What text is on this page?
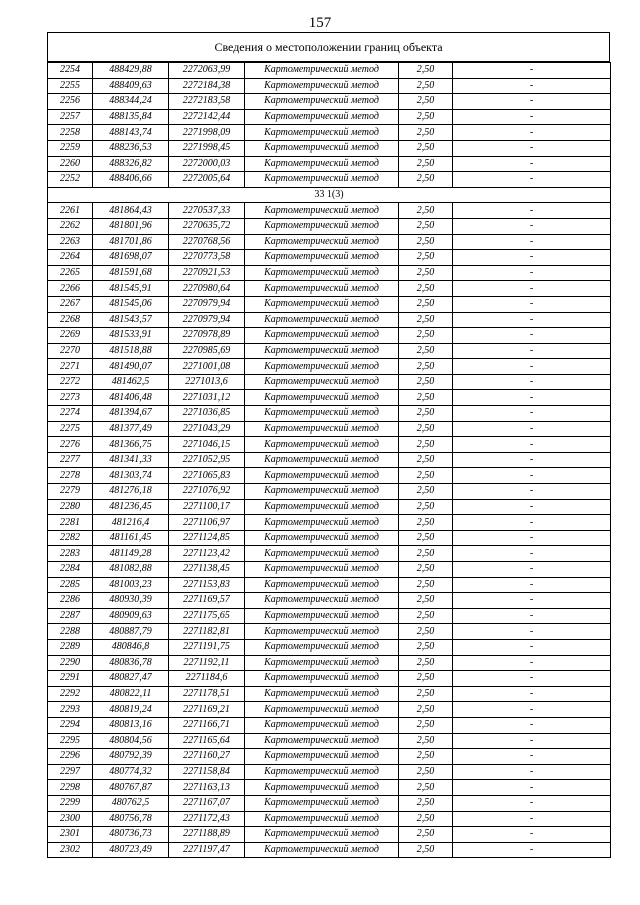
157
Сведения о местоположении границ объекта
2254	488429,88	2272063,99	Картометрический метод	2,50	-
2255	488409,63	2272184,38	Картометрический метод	2,50	-
2256	488344,24	2272183,58	Картометрический метод	2,50	-
2257	488135,84	2272142,44	Картометрический метод	2,50	-
2258	488143,74	2271998,09	Картометрический метод	2,50	-
2259	488236,53	2271998,45	Картометрический метод	2,50	-
2260	488326,82	2272000,03	Картометрический метод	2,50	-
2252	488406,66	2272005,64	Картометрический метод	2,50	-
33 1(3)					
2261	481864,43	2270537,33	Картометрический метод	2,50	-
2262	481801,96	2270635,72	Картометрический метод	2,50	-
2263	481701,86	2270768,56	Картометрический метод	2,50	-
2264	481698,07	2270773,58	Картометрический метод	2,50	-
2265	481591,68	2270921,53	Картометрический метод	2,50	-
2266	481545,91	2270980,64	Картометрический метод	2,50	-
2267	481545,06	2270979,94	Картометрический метод	2,50	-
2268	481543,57	2270979,94	Картометрический метод	2,50	-
2269	481533,91	2270978,89	Картометрический метод	2,50	-
2270	481518,88	2270985,69	Картометрический метод	2,50	-
2271	481490,07	2271001,08	Картометрический метод	2,50	-
2272	481462,5	2271013,6	Картометрический метод	2,50	-
2273	481406,48	2271031,12	Картометрический метод	2,50	-
2274	481394,67	2271036,85	Картометрический метод	2,50	-
2275	481377,49	2271043,29	Картометрический метод	2,50	-
2276	481366,75	2271046,15	Картометрический метод	2,50	-
2277	481341,33	2271052,95	Картометрический метод	2,50	-
2278	481303,74	2271065,83	Картометрический метод	2,50	-
2279	481276,18	2271076,92	Картометрический метод	2,50	-
2280	481236,45	2271100,17	Картометрический метод	2,50	-
2281	481216,4	2271106,97	Картометрический метод	2,50	-
2282	481161,45	2271124,85	Картометрический метод	2,50	-
2283	481149,28	2271123,42	Картометрический метод	2,50	-
2284	481082,88	2271138,45	Картометрический метод	2,50	-
2285	481003,23	2271153,83	Картометрический метод	2,50	-
2286	480930,39	2271169,57	Картометрический метод	2,50	-
2287	480909,63	2271175,65	Картометрический метод	2,50	-
2288	480887,79	2271182,81	Картометрический метод	2,50	-
2289	480846,8	2271191,75	Картометрический метод	2,50	-
2290	480836,78	2271192,11	Картометрический метод	2,50	-
2291	480827,47	2271184,6	Картометрический метод	2,50	-
2292	480822,11	2271178,51	Картометрический метод	2,50	-
2293	480819,24	2271169,21	Картометрический метод	2,50	-
2294	480813,16	2271166,71	Картометрический метод	2,50	-
2295	480804,56	2271165,64	Картометрический метод	2,50	-
2296	480792,39	2271160,27	Картометрический метод	2,50	-
2297	480774,32	2271158,84	Картометрический метод	2,50	-
2298	480767,87	2271163,13	Картометрический метод	2,50	-
2299	480762,5	2271167,07	Картометрический метод	2,50	-
2300	480756,78	2271172,43	Картометрический метод	2,50	-
2301	480736,73	2271188,89	Картометрический метод	2,50	-
2302	480723,49	2271197,47	Картометрический метод	2,50	-
